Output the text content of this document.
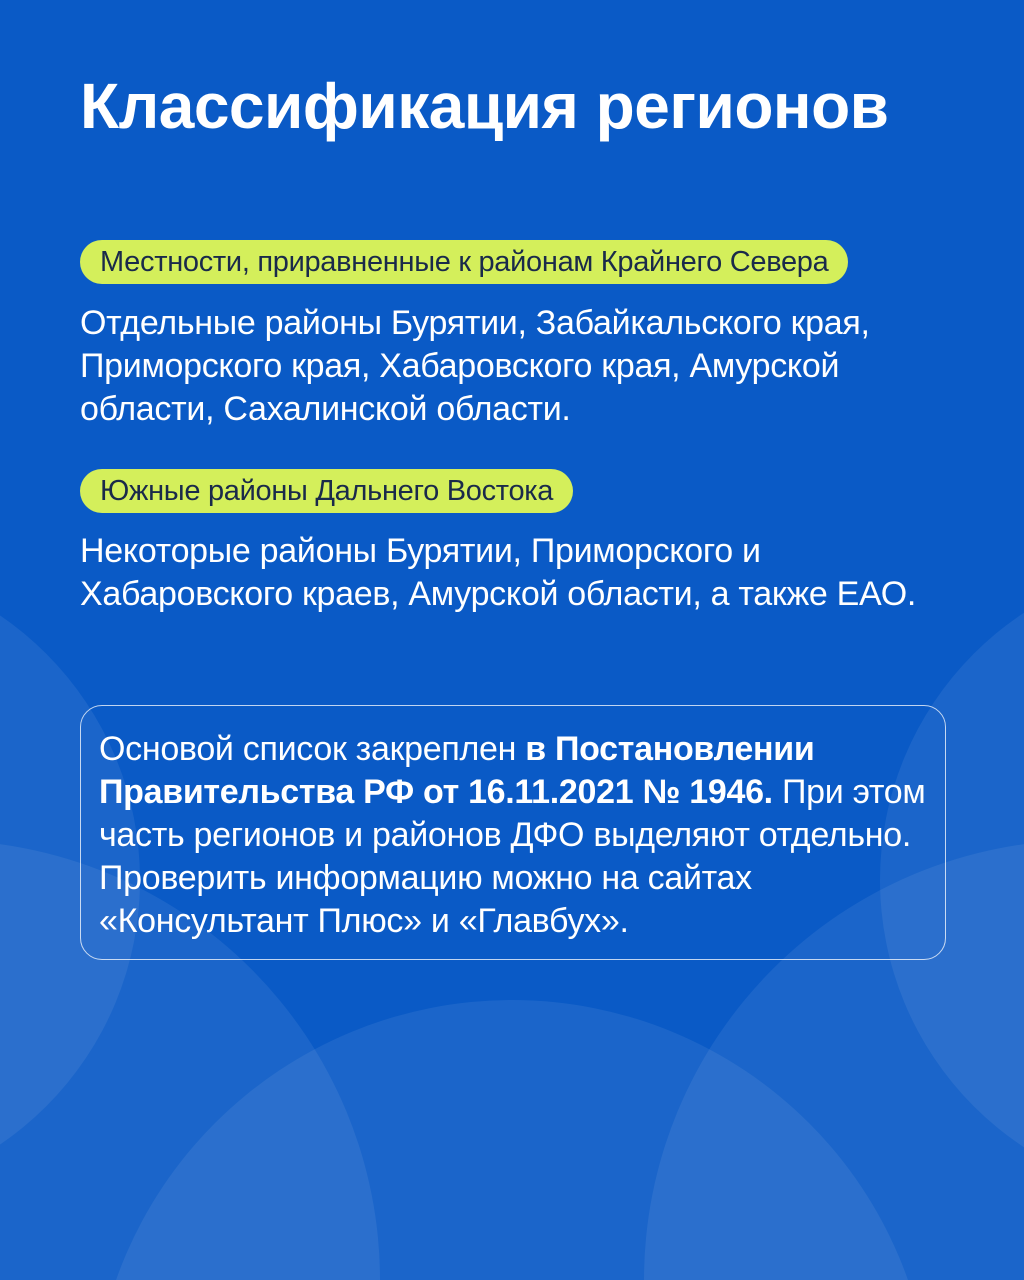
Классификация регионов
Местности, приравненные к районам Крайнего Севера

Отдельные районы Бурятии, Забайкальского края, Приморского края, Хабаровского края, Амурской области, Сахалинской области.

Южные районы Дальнего Востока

Некоторые районы Бурятии, Приморского и Хабаровского краев, Амурской области, а также ЕАО.

Основой список закреплен в Постановлении Правительства РФ от 16.11.2021 № 1946. При этом часть регионов и районов ДФО выделяют отдельно. Проверить информацию можно на сайтах «Консультант Плюс» и «Главбух».
